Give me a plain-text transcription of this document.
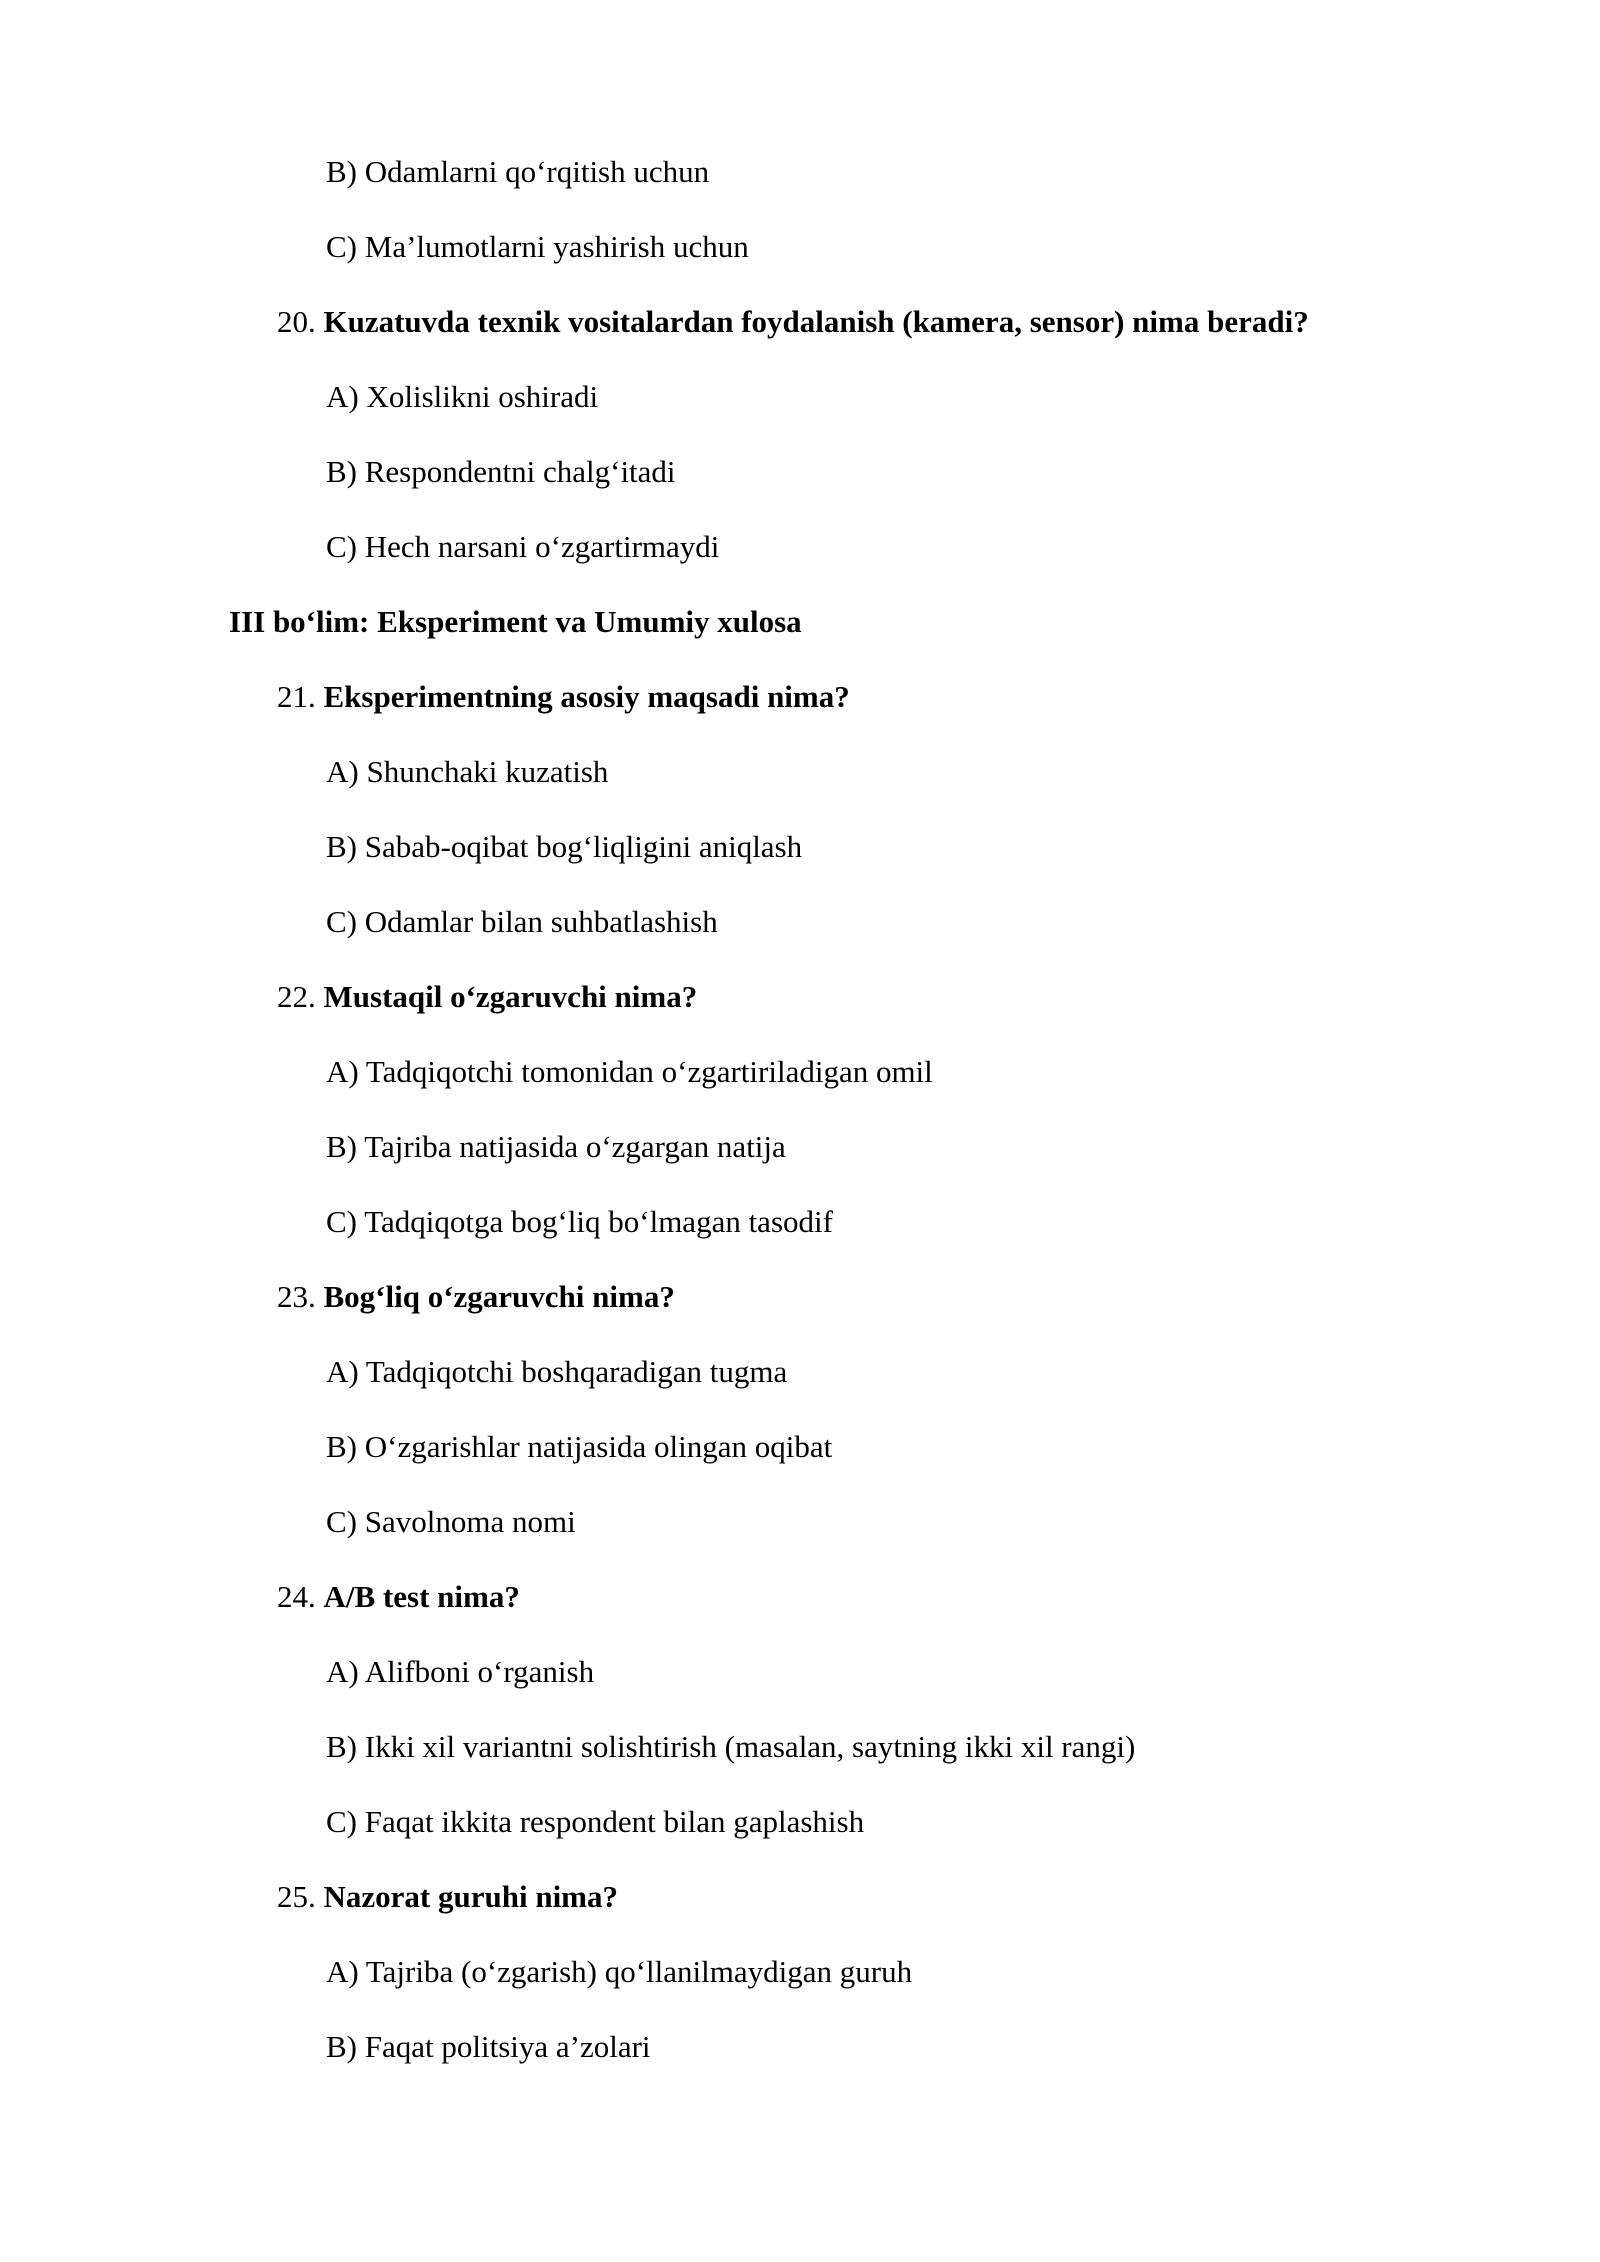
B) Odamlarni qo‘rqitish uchun
C) Ma’lumotlarni yashirish uchun
20. Kuzatuvda texnik vositalardan foydalanish (kamera, sensor) nima beradi?
A) Xolislikni oshiradi
B) Respondentni chalg‘itadi
C) Hech narsani o‘zgartirmaydi
III bo‘lim: Eksperiment va Umumiy xulosa
21. Eksperimentning asosiy maqsadi nima?
A) Shunchaki kuzatish
B) Sabab-oqibat bog‘liqligini aniqlash
C) Odamlar bilan suhbatlashish
22. Mustaqil o‘zgaruvchi nima?
A) Tadqiqotchi tomonidan o‘zgartiriladigan omil
B) Tajriba natijasida o‘zgargan natija
C) Tadqiqotga bog‘liq bo‘lmagan tasodif
23. Bog‘liq o‘zgaruvchi nima?
A) Tadqiqotchi boshqaradigan tugma
B) O‘zgarishlar natijasida olingan oqibat
C) Savolnoma nomi
24. A/B test nima?
A) Alifboni o‘rganish
B) Ikki xil variantni solishtirish (masalan, saytning ikki xil rangi)
C) Faqat ikkita respondent bilan gaplashish
25. Nazorat guruhi nima?
A) Tajriba (o‘zgarish) qo‘llanilmaydigan guruh
B) Faqat politsiya a’zolari
